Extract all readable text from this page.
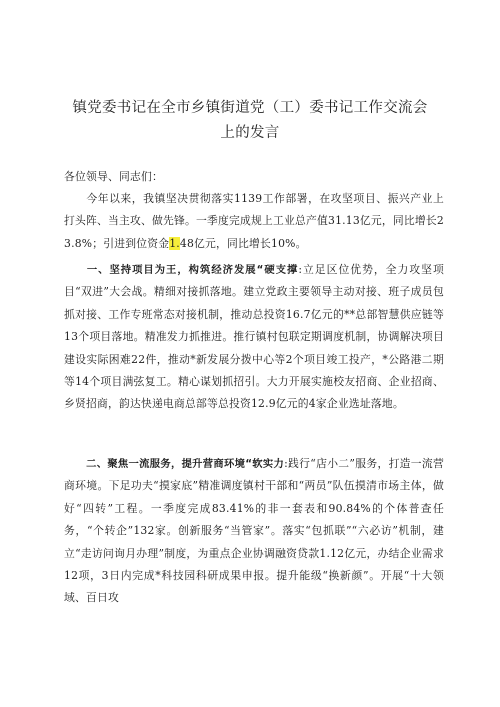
镇党委书记在全市乡镇街道党（工）委书记工作交流会
上的发言
各位领导、同志们：
今年以来，我镇坚决贯彻落实1139工作部署，在攻坚项目、振兴产业上打头阵、当主攻、做先锋。一季度完成规上工业总产值31.13亿元，同比增长23.8%；引进到位资金1.48亿元，同比增长10%。
一、坚持项目为王，构筑经济发展“硬支撑:立足区位优势，全力攻坚项目“双进”大会战。精细对接抓落地。建立党政主要领导主动对接、班子成员包抓对接、工作专班常态对接机制，推动总投资16.7亿元的**总部智慧供应链等13个项目落地。精准发力抓推进。推行镇村包联定期调度机制，协调解决项目建设实际困难22件，推动*新发展分拨中心等2个项目竣工投产，*公路港二期等14个项目满弦复工。精心谋划抓招引。大力开展实施校友招商、企业招商、乡贤招商，韵达快递电商总部等总投资12.9亿元的4家企业选址落地。
二、聚焦一流服务，提升营商环境“软实力:践行“店小二”服务，打造一流营商环境。下足功夫“摸家底”精准调度镇村干部和“两员”队伍摸清市场主体，做好“四转”工程。一季度完成83.41%的非一套表和90.84%的个体普查任务，“个转企”132家。创新服务“当管家”。落实“包抓联”“六必访”机制，建立“走访问询月办理”制度，为重点企业协调融资贷款1.12亿元，办结企业需求12项，3日内完成*科技园科研成果申报。提升能级“换新颜”。开展“十大领域、百日攻
